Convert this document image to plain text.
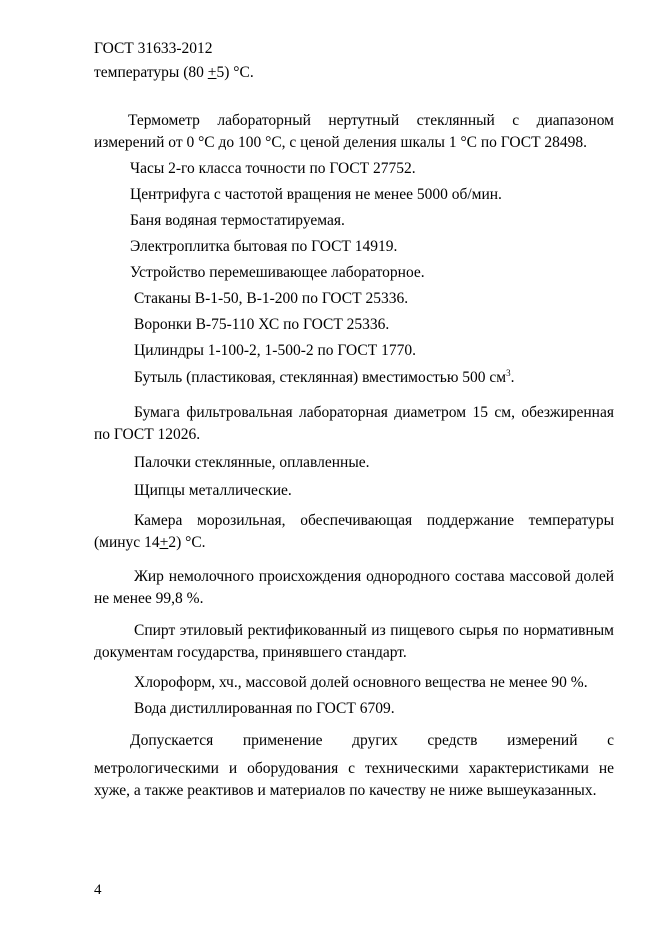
ГОСТ 31633-2012
температуры (80 +5) °С.
Термометр лабораторный нертутный стеклянный с диапазоном
измерений от 0 °С до 100 °С, с ценой деления шкалы 1 °С по ГОСТ 28498.
Часы 2-го класса точности по ГОСТ 27752.
Центрифуга с частотой вращения не менее 5000 об/мин.
Баня водяная термостатируемая.
Электроплитка бытовая по ГОСТ 14919.
Устройство перемешивающее лабораторное.
Стаканы В-1-50, В-1-200 по ГОСТ 25336.
Воронки В-75-110 ХС по ГОСТ 25336.
Цилиндры 1-100-2, 1-500-2 по ГОСТ 1770.
Бутыль (пластиковая, стеклянная) вместимостью 500 $см^3$.
Бумага фильтровальная лабораторная диаметром 15 см, обезжиренная
по ГОСТ 12026.
Палочки стеклянные, оплавленные.
Щипцы металлические.
Камера морозильная, обеспечивающая поддержание температуры
(минус 14+2) °С.
Жир немолочного происхождения однородного состава массовой долей
не менее 99,8 %.
Спирт этиловый ректификованный из пищевого сырья по нормативным
документам государства, принявшего стандарт.
Хлороформ, хч., массовой долей основного вещества не менее 90 %.
Вода дистиллированная по ГОСТ 6709.
Допускается применение других средств измерений с
метрологическими и оборудования с техническими характеристиками не
хуже, а также реактивов и материалов по качеству не ниже вышеуказанных.
4
